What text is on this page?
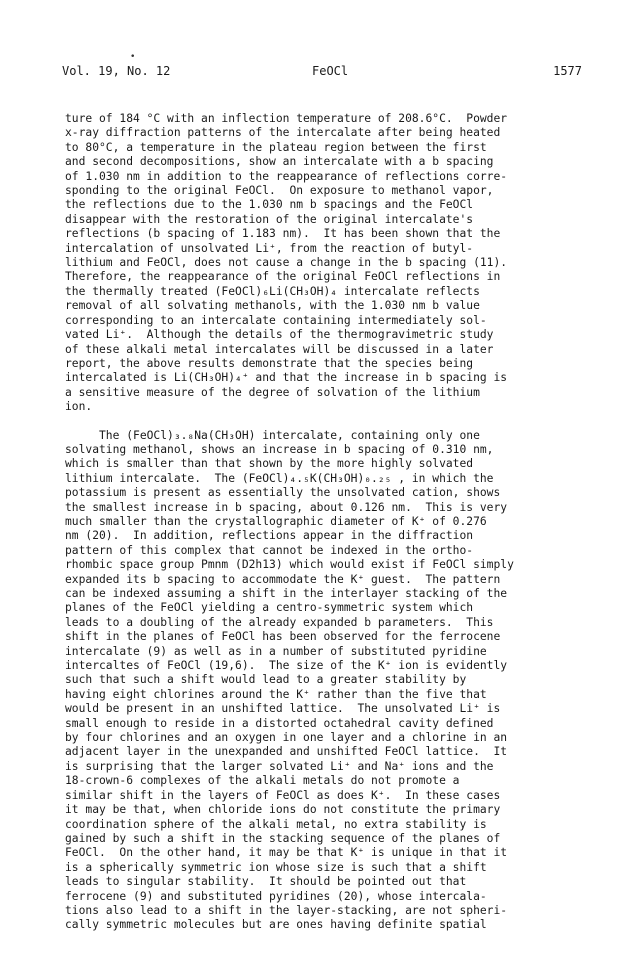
•
Vol. 19, No. 12	FeOCl	1577
ture of 184 °C with an inflection temperature of 208.6°C.  Powder
x-ray diffraction patterns of the intercalate after being heated
to 80°C, a temperature in the plateau region between the first
and second decompositions, show an intercalate with a b spacing
of 1.030 nm in addition to the reappearance of reflections corre-
sponding to the original FeOCl.  On exposure to methanol vapor,
the reflections due to the 1.030 nm b spacings and the FeOCl
disappear with the restoration of the original intercalate's
reflections (b spacing of 1.183 nm).  It has been shown that the
intercalation of unsolvated Li⁺, from the reaction of butyl-
lithium and FeOCl, does not cause a change in the b spacing (11).
Therefore, the reappearance of the original FeOCl reflections in
the thermally treated (FeOCl)₆Li(CH₃OH)₄ intercalate reflects
removal of all solvating methanols, with the 1.030 nm b value
corresponding to an intercalate containing intermediately sol-
vated Li⁺.  Although the details of the thermogravimetric study
of these alkali metal intercalates will be discussed in a later
report, the above results demonstrate that the species being
intercalated is Li(CH₃OH)₄⁺ and that the increase in b spacing is
a sensitive measure of the degree of solvation of the lithium
ion.
The (FeOCl)₃.₈Na(CH₃OH) intercalate, containing only one
solvating methanol, shows an increase in b spacing of 0.310 nm,
which is smaller than that shown by the more highly solvated
lithium intercalate.  The (FeOCl)₄.₅K(CH₃OH)₀.₂₅ , in which the
potassium is present as essentially the unsolvated cation, shows
the smallest increase in b spacing, about 0.126 nm.  This is very
much smaller than the crystallographic diameter of K⁺ of 0.276
nm (20).  In addition, reflections appear in the diffraction
pattern of this complex that cannot be indexed in the ortho-
rhombic space group Pmnm (D2h13) which would exist if FeOCl simply
expanded its b spacing to accommodate the K⁺ guest.  The pattern
can be indexed assuming a shift in the interlayer stacking of the
planes of the FeOCl yielding a centro-symmetric system which
leads to a doubling of the already expanded b parameters.  This
shift in the planes of FeOCl has been observed for the ferrocene
intercalate (9) as well as in a number of substituted pyridine
intercaltes of FeOCl (19,6).  The size of the K⁺ ion is evidently
such that such a shift would lead to a greater stability by
having eight chlorines around the K⁺ rather than the five that
would be present in an unshifted lattice.  The unsolvated Li⁺ is
small enough to reside in a distorted octahedral cavity defined
by four chlorines and an oxygen in one layer and a chlorine in an
adjacent layer in the unexpanded and unshifted FeOCl lattice.  It
is surprising that the larger solvated Li⁺ and Na⁺ ions and the
18-crown-6 complexes of the alkali metals do not promote a
similar shift in the layers of FeOCl as does K⁺.  In these cases
it may be that, when chloride ions do not constitute the primary
coordination sphere of the alkali metal, no extra stability is
gained by such a shift in the stacking sequence of the planes of
FeOCl.  On the other hand, it may be that K⁺ is unique in that it
is a spherically symmetric ion whose size is such that a shift
leads to singular stability.  It should be pointed out that
ferrocene (9) and substituted pyridines (20), whose intercala-
tions also lead to a shift in the layer-stacking, are not spheri-
cally symmetric molecules but are ones having definite spatial
